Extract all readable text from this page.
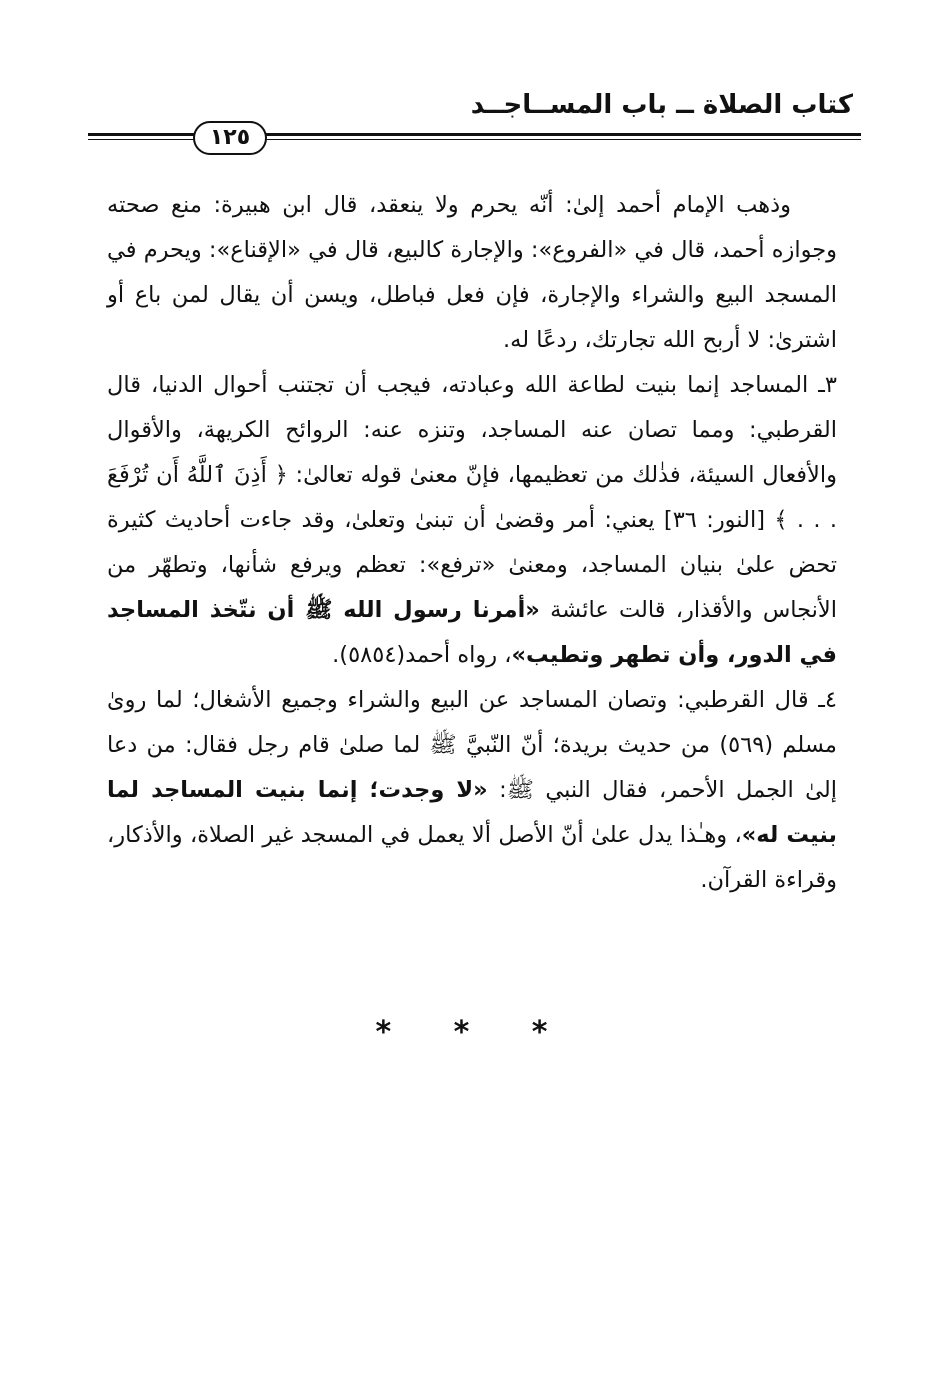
كتاب الصلاة ــ باب المســاجــد
١٢٥

وذهب الإمام أحمد إلىٰ: أنّه يحرم ولا ينعقد، قال ابن هبيرة: منع صحته وجوازه أحمد، قال في «الفروع»: والإجارة كالبيع، قال في «الإقناع»: ويحرم في المسجد البيع والشراء والإجارة، فإن فعل فباطل، ويسن أن يقال لمن باع أو اشترىٰ: لا أربح الله تجارتك، ردعًا له.

٣ـ المساجد إنما بنيت لطاعة الله وعبادته، فيجب أن تجتنب أحوال الدنيا، قال القرطبي: ومما تصان عنه المساجد، وتنزه عنه: الروائح الكريهة، والأقوال والأفعال السيئة، فذٰلك من تعظيمها، فإنّ معنىٰ قوله تعالىٰ: ﴿ أَذِنَ ٱللَّهُ أَن تُرْفَعَ . . . ﴾ [النور: ٣٦] يعني: أمر وقضىٰ أن تبنىٰ وتعلىٰ، وقد جاءت أحاديث كثيرة تحض علىٰ بنيان المساجد، ومعنىٰ «ترفع»: تعظم ويرفع شأنها، وتطهّر من الأنجاس والأقذار، قالت عائشة «أمرنا رسول الله ﷺ أن نتّخذ المساجد في الدور، وأن تطهر وتطيب»، رواه أحمد(٥٨٥٤).

٤ـ قال القرطبي: وتصان المساجد عن البيع والشراء وجميع الأشغال؛ لما روىٰ مسلم (٥٦٩) من حديث بريدة؛ أنّ النّبيَّ ﷺ لما صلىٰ قام رجل فقال: من دعا إلىٰ الجمل الأحمر، فقال النبي ﷺ: «لا وجدت؛ إنما بنيت المساجد لما بنيت له»، وهـٰذا يدل علىٰ أنّ الأصل ألا يعمل في المسجد غير الصلاة، والأذكار، وقراءة القرآن.

* * *
